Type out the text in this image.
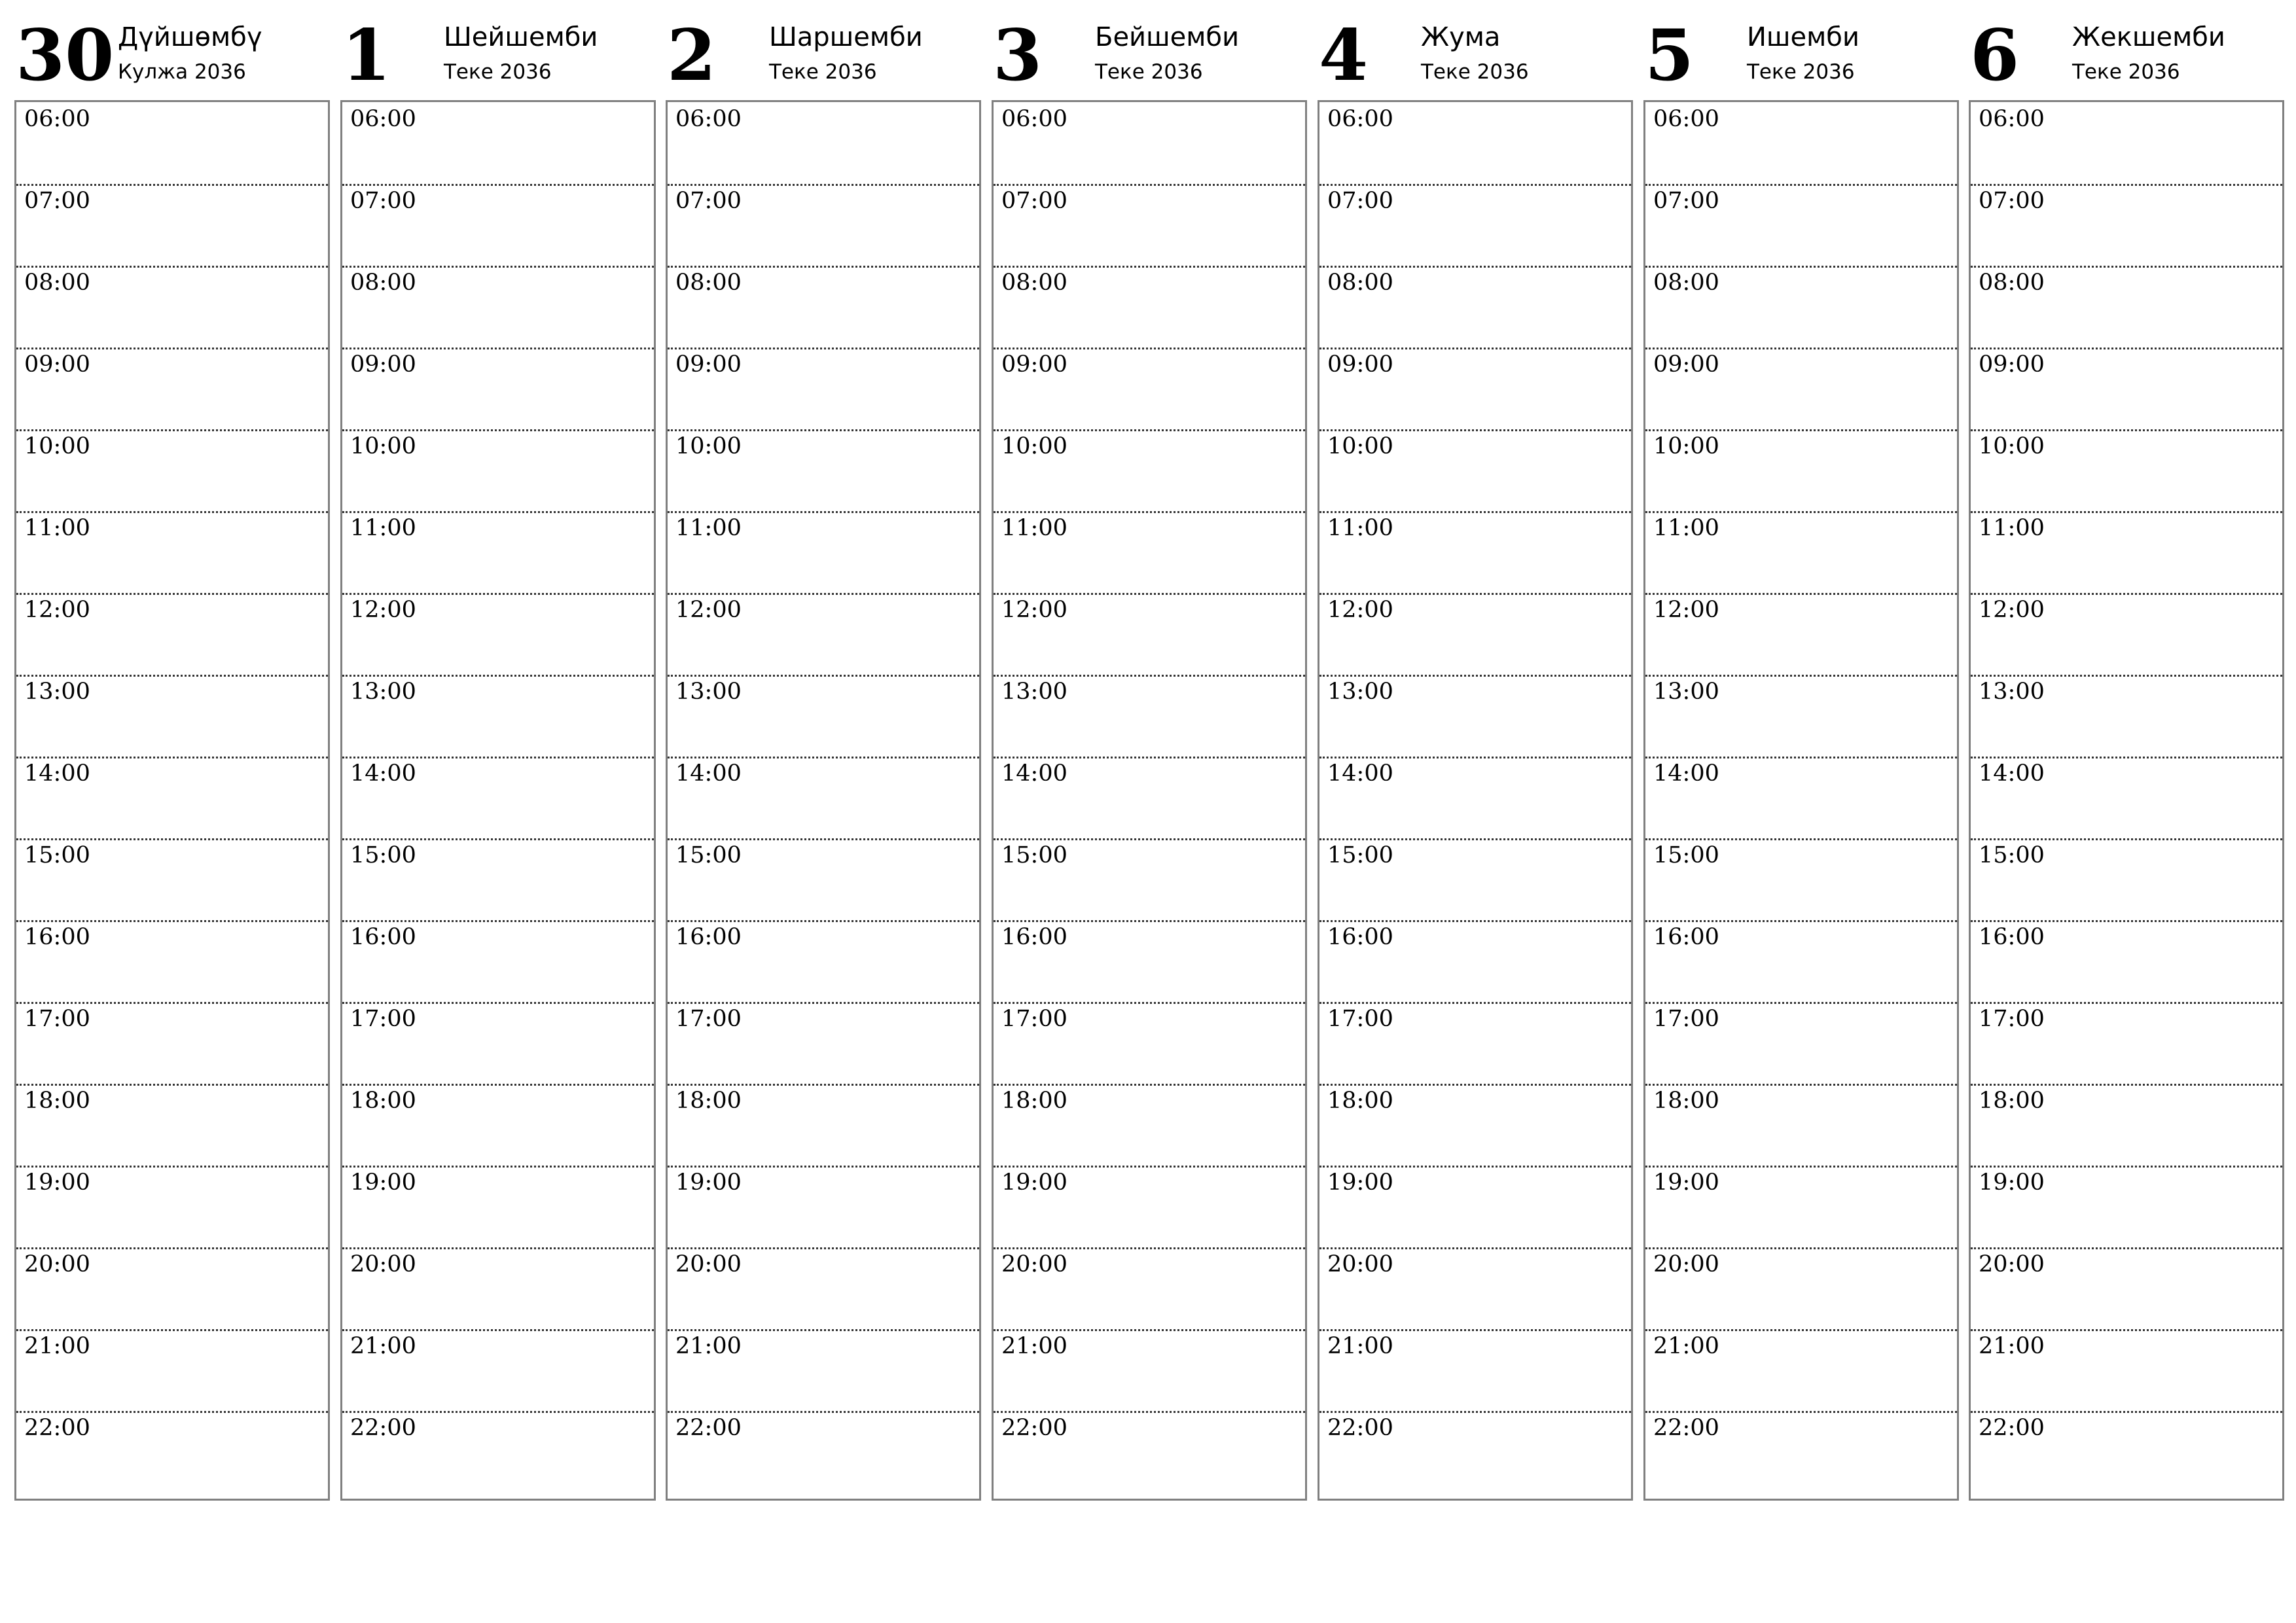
30 Дүйшөмбү
Кулжа 2036
06:00
07:00
08:00
09:00
10:00
11:00
12:00
13:00
14:00
15:00
16:00
17:00
18:00
19:00
20:00
21:00
22:00
1 Шейшемби
Теке 2036
06:00
07:00
08:00
09:00
10:00
11:00
12:00
13:00
14:00
15:00
16:00
17:00
18:00
19:00
20:00
21:00
22:00
2 Шаршемби
Теке 2036
06:00
07:00
08:00
09:00
10:00
11:00
12:00
13:00
14:00
15:00
16:00
17:00
18:00
19:00
20:00
21:00
22:00
3 Бейшемби
Теке 2036
06:00
07:00
08:00
09:00
10:00
11:00
12:00
13:00
14:00
15:00
16:00
17:00
18:00
19:00
20:00
21:00
22:00
4 Жума
Теке 2036
06:00
07:00
08:00
09:00
10:00
11:00
12:00
13:00
14:00
15:00
16:00
17:00
18:00
19:00
20:00
21:00
22:00
5 Ишемби
Теке 2036
06:00
07:00
08:00
09:00
10:00
11:00
12:00
13:00
14:00
15:00
16:00
17:00
18:00
19:00
20:00
21:00
22:00
6 Жекшемби
Теке 2036
06:00
07:00
08:00
09:00
10:00
11:00
12:00
13:00
14:00
15:00
16:00
17:00
18:00
19:00
20:00
21:00
22:00
